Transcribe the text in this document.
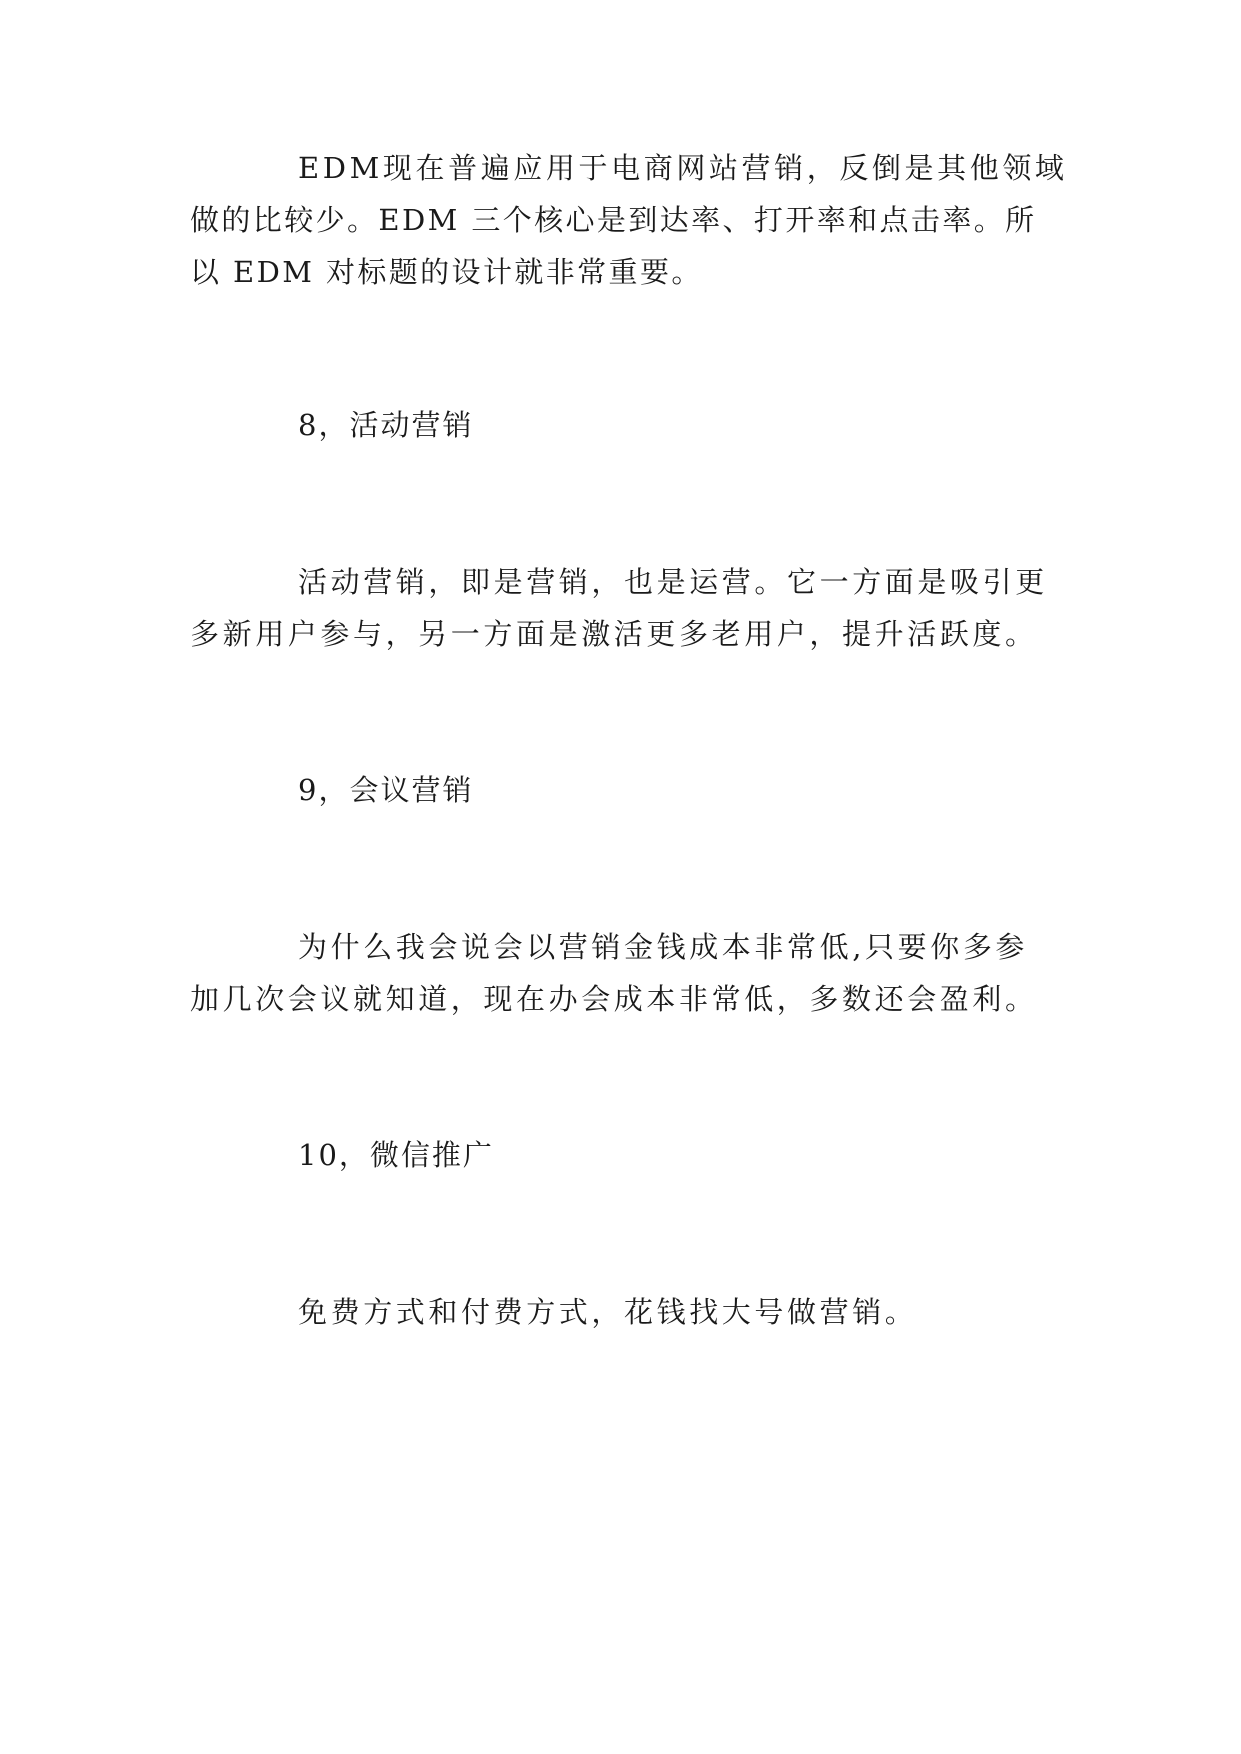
EDM现在普遍应用于电商网站营销，反倒是其他领域
做的比较少。EDM 三个核心是到达率、打开率和点击率。所
以 EDM 对标题的设计就非常重要。
8，活动营销
活动营销，即是营销，也是运营。它一方面是吸引更
多新用户参与，另一方面是激活更多老用户，提升活跃度。
9，会议营销
为什么我会说会以营销金钱成本非常低,只要你多参
加几次会议就知道，现在办会成本非常低，多数还会盈利。
10，微信推广
免费方式和付费方式，花钱找大号做营销。
